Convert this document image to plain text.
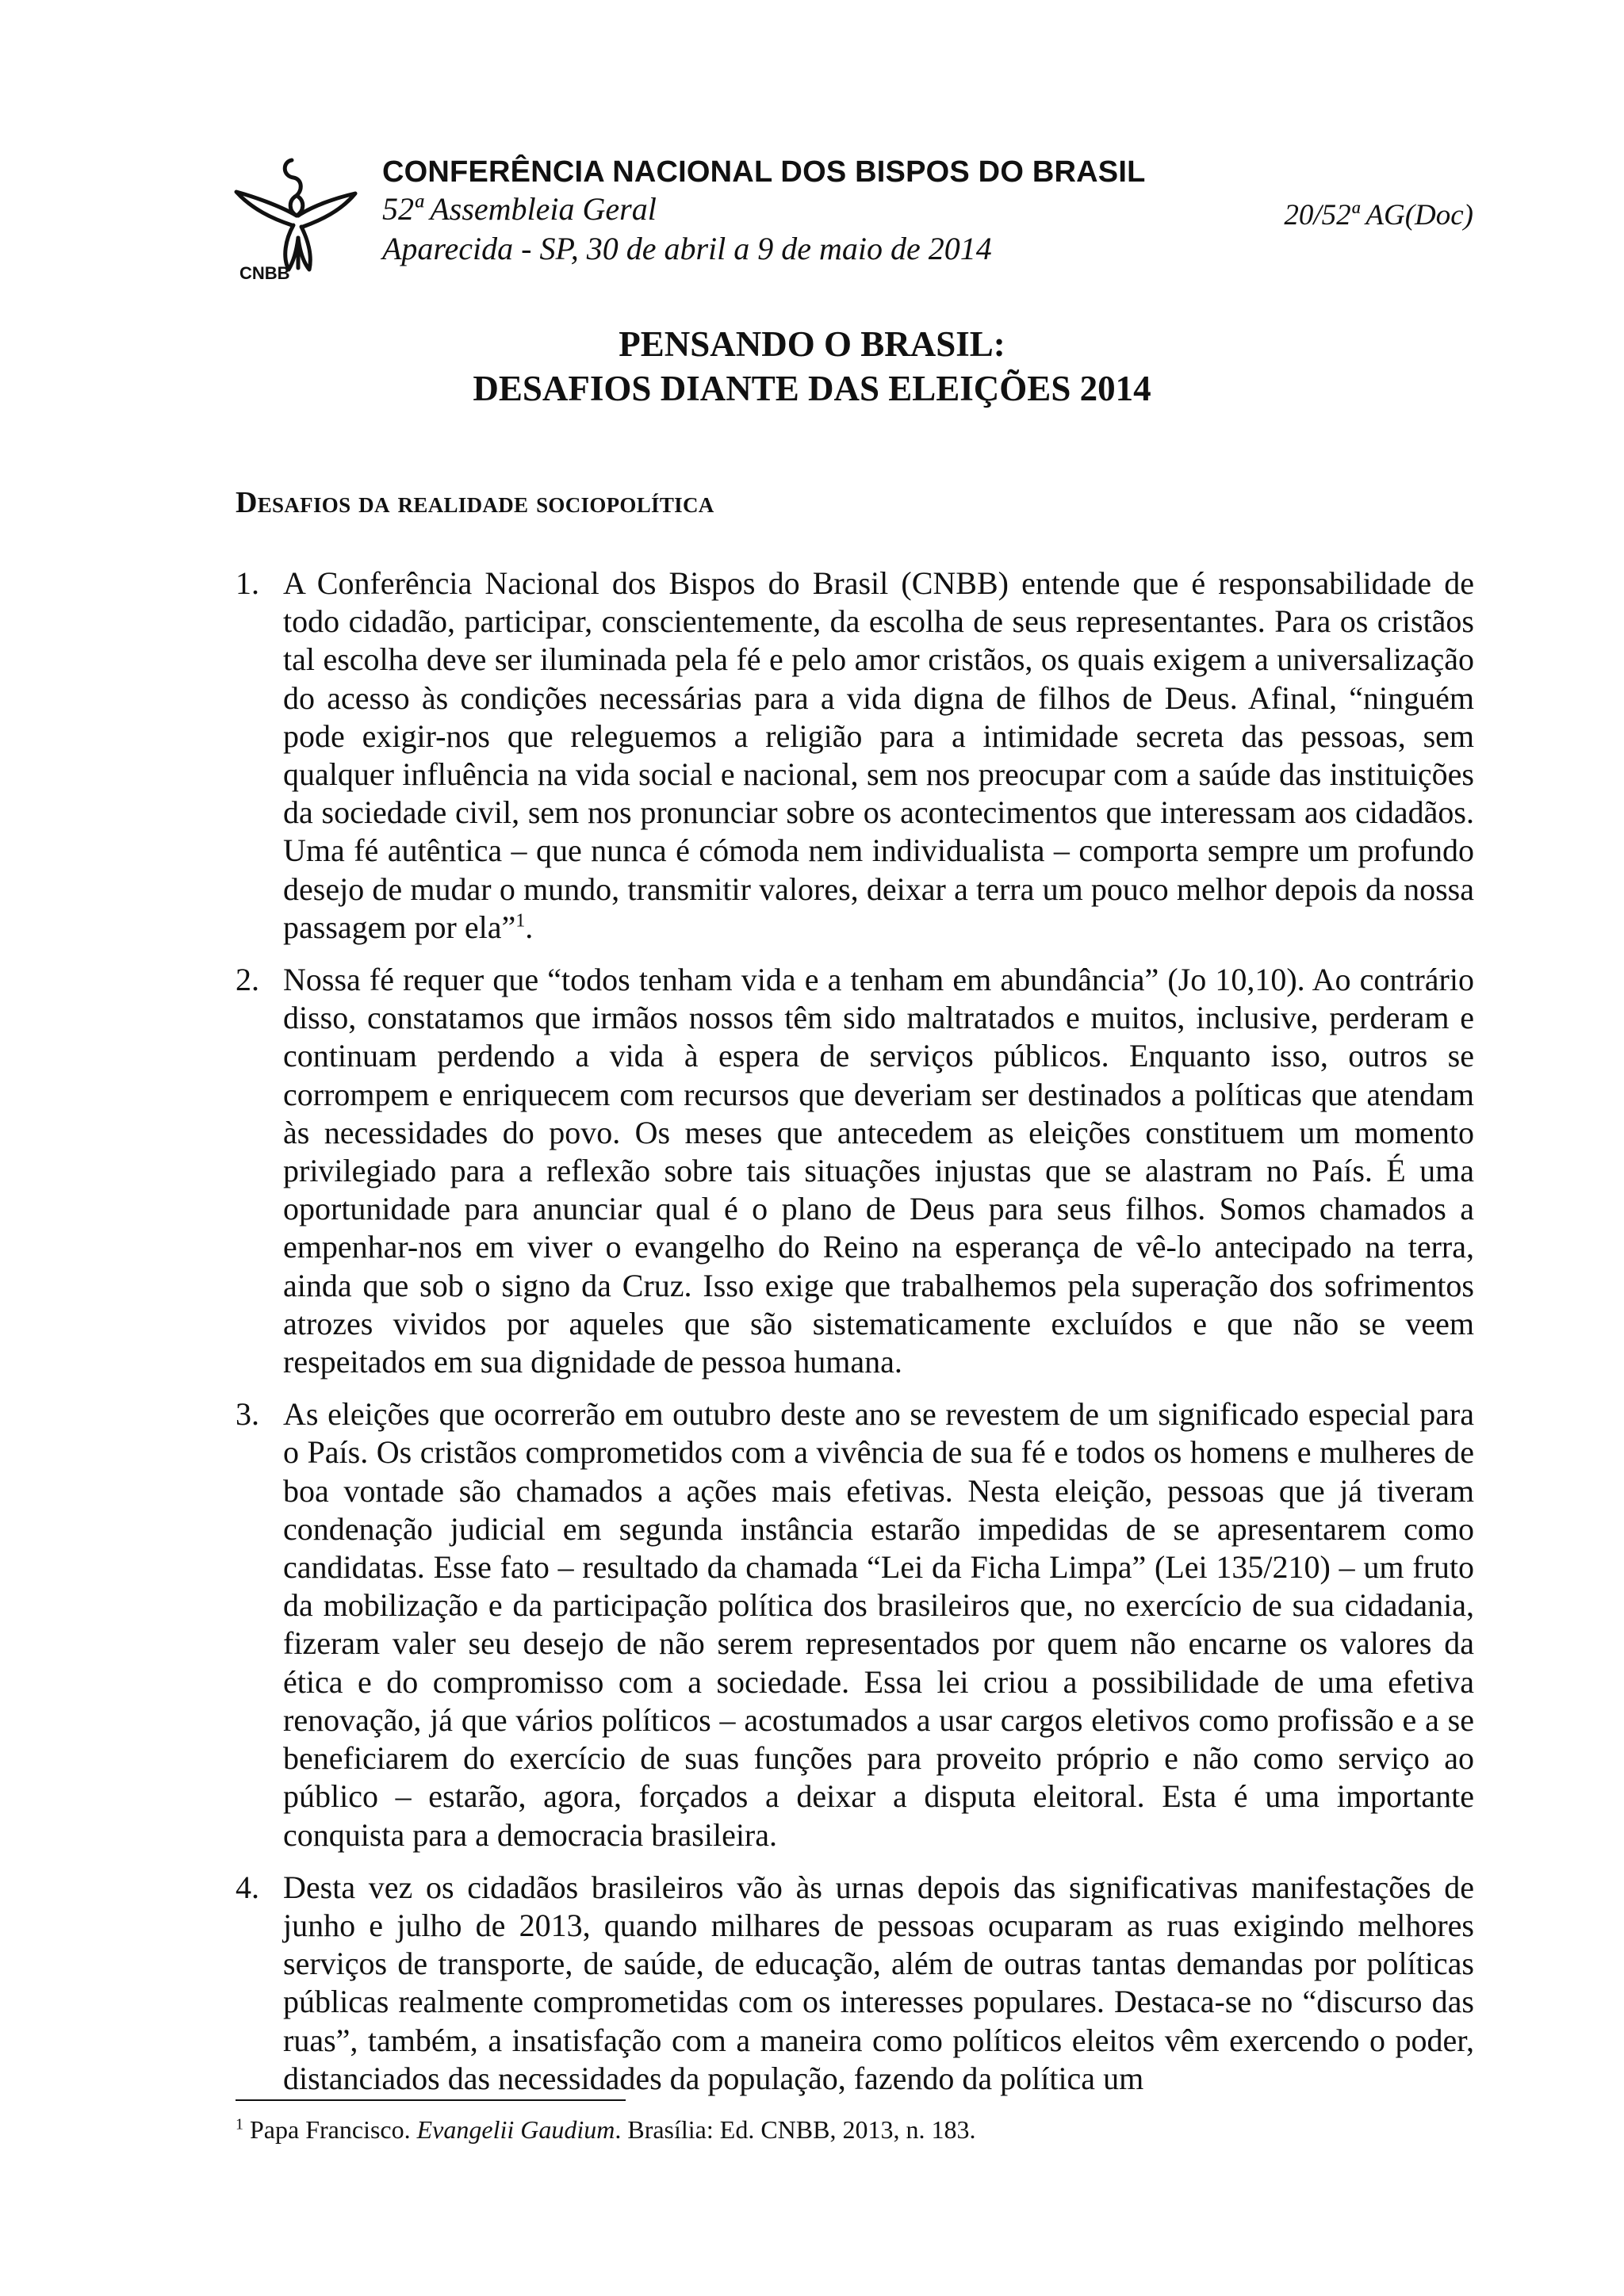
CNBB
CONFERÊNCIA NACIONAL DOS BISPOS DO BRASIL
52ª Assembleia Geral
Aparecida - SP, 30 de abril a 9 de maio de 2014
20/52ª AG(Doc)
PENSANDO O BRASIL:
DESAFIOS DIANTE DAS ELEIÇÕES 2014
Desafios da realidade sociopolítica
1. A Conferência Nacional dos Bispos do Brasil (CNBB) entende que é responsabilidade de todo cidadão, participar, conscientemente, da escolha de seus representantes. Para os cristãos tal escolha deve ser iluminada pela fé e pelo amor cristãos, os quais exigem a universalização do acesso às condições necessárias para a vida digna de filhos de Deus. Afinal, “ninguém pode exigir-nos que releguemos a religião para a intimidade secreta das pessoas, sem qualquer influência na vida social e nacional, sem nos preocupar com a saúde das instituições da sociedade civil, sem nos pronunciar sobre os acontecimentos que interessam aos cidadãos. Uma fé autêntica – que nunca é cómoda nem individualista – comporta sempre um profundo desejo de mudar o mundo, transmitir valores, deixar a terra um pouco melhor depois da nossa passagem por ela”$^1$.
2. Nossa fé requer que “todos tenham vida e a tenham em abundância” (Jo 10,10). Ao contrário disso, constatamos que irmãos nossos têm sido maltratados e muitos, inclusive, perderam e continuam perdendo a vida à espera de serviços públicos. Enquanto isso, outros se corrompem e enriquecem com recursos que deveriam ser destinados a políticas que atendam às necessidades do povo. Os meses que antecedem as eleições constituem um momento privilegiado para a reflexão sobre tais situações injustas que se alastram no País. É uma oportunidade para anunciar qual é o plano de Deus para seus filhos. Somos chamados a empenhar-nos em viver o evangelho do Reino na esperança de vê-lo antecipado na terra, ainda que sob o signo da Cruz. Isso exige que trabalhemos pela superação dos sofrimentos atrozes vividos por aqueles que são sistematicamente excluídos e que não se veem respeitados em sua dignidade de pessoa humana.
3. As eleições que ocorrerão em outubro deste ano se revestem de um significado especial para o País. Os cristãos comprometidos com a vivência de sua fé e todos os homens e mulheres de boa vontade são chamados a ações mais efetivas. Nesta eleição, pessoas que já tiveram condenação judicial em segunda instância estarão impedidas de se apresentarem como candidatas. Esse fato – resultado da chamada “Lei da Ficha Limpa” (Lei 135/210) – um fruto da mobilização e da participação política dos brasileiros que, no exercício de sua cidadania, fizeram valer seu desejo de não serem representados por quem não encarne os valores da ética e do compromisso com a sociedade. Essa lei criou a possibilidade de uma efetiva renovação, já que vários políticos – acostumados a usar cargos eletivos como profissão e a se beneficiarem do exercício de suas funções para proveito próprio e não como serviço ao público – estarão, agora, forçados a deixar a disputa eleitoral. Esta é uma importante conquista para a democracia brasileira.
4. Desta vez os cidadãos brasileiros vão às urnas depois das significativas manifestações de junho e julho de 2013, quando milhares de pessoas ocuparam as ruas exigindo melhores serviços de transporte, de saúde, de educação, além de outras tantas demandas por políticas públicas realmente comprometidas com os interesses populares. Destaca-se no “discurso das ruas”, também, a insatisfação com a maneira como políticos eleitos vêm exercendo o poder, distanciados das necessidades da população, fazendo da política um
$^1$ Papa Francisco. Evangelii Gaudium. Brasília: Ed. CNBB, 2013, n. 183.
